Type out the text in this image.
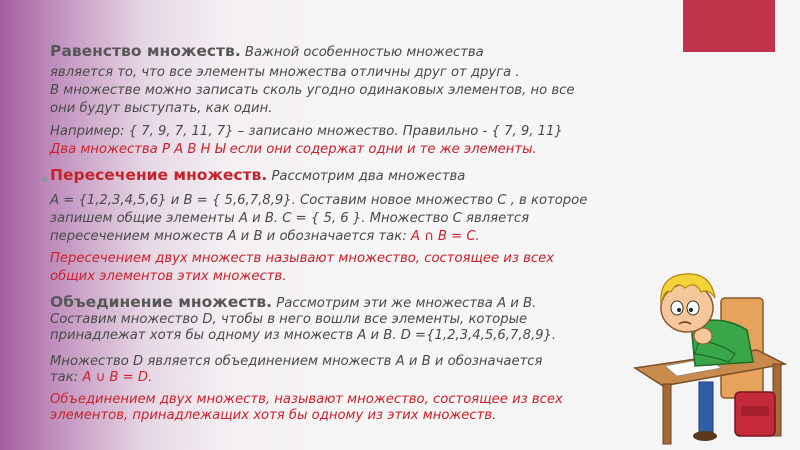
Равенство множеств. Важной особенностью множества
является то, что все элементы множества отличны друг от друга .
В множестве можно записать сколь угодно одинаковых элементов, но все
они будут выступать, как один.
Например: { 7, 9, 7, 11, 7} – записано множество. Правильно - { 7, 9, 11}
Два множества Р А В Н Ы если они содержат одни и те же элементы.
Пересечение множеств. Рассмотрим два множества
А = {1,2,3,4,5,6} и В = { 5,6,7,8,9}. Составим новое множество С , в которое
запишем общие элементы А и В. С = { 5, 6 }. Множество С является
пересечением множеств А и В и обозначается так: А ∩ В = С.
Пересечением двух множеств называют множество, состоящее из всех
общих элементов этих множеств.
Объединение множеств. Рассмотрим эти же множества А и В.
Составим множество D, чтобы в него вошли все элементы, которые
принадлежат хотя бы одному из множеств А и В. D ={1,2,3,4,5,6,7,8,9}.
Множество D является объединением множеств А и В и обозначается
так: А ∪ В = D.
Объединением двух множеств, называют множество, состоящее из всех
элементов, принадлежащих хотя бы одному из этих множеств.
